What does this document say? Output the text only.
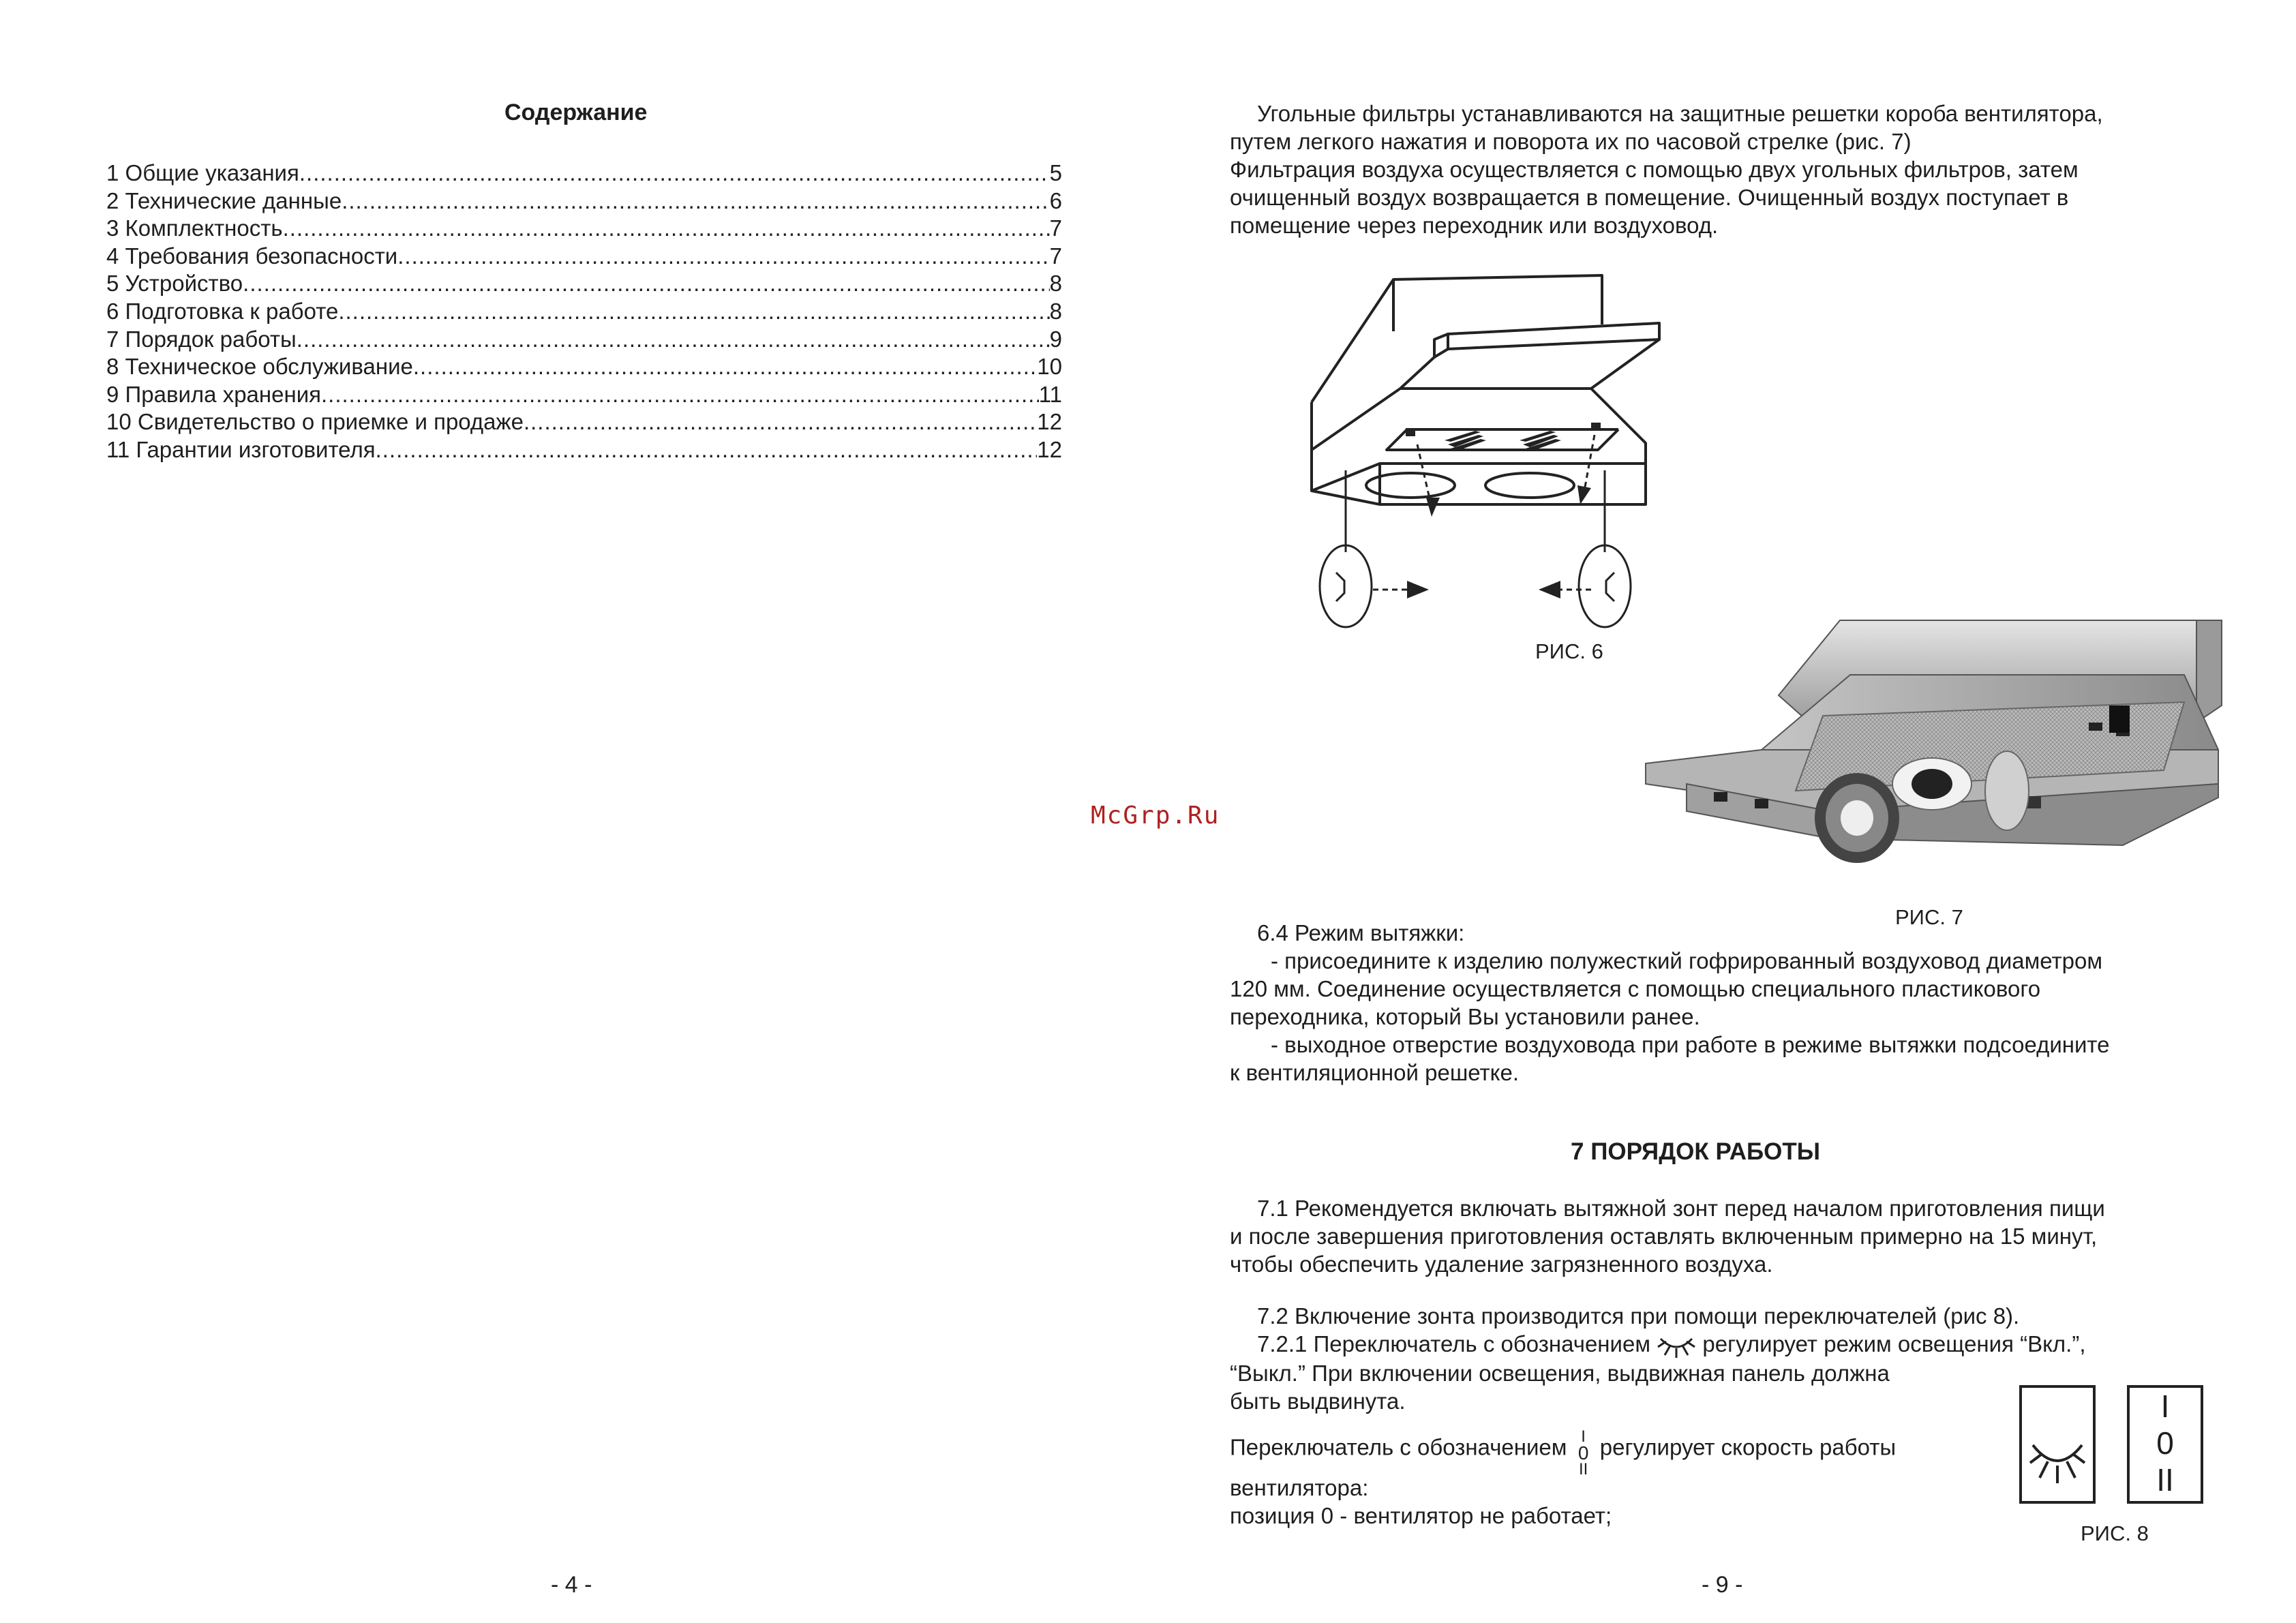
Содержание
1 Общие указания .....	5
2 Технические данные .....	6
3 Комплектность .....	7
4 Требования безопасности .....	7
5 Устройство .....	8
6 Подготовка к работе .....	8
7 Порядок работы .....	9
8 Техническое обслуживание .....	10
9 Правила хранения .....	11
10 Свидетельство о приемке и продаже .....	12
11 Гарантии изготовителя .....	12
- 4 -
McGrp.Ru

Угольные фильтры устанавливаются на защитные решетки короба вентилятора,

путем легкого нажатия и поворота их по часовой стрелке (рис. 7)

Фильтрация воздуха осуществляется с помощью двух угольных фильтров, затем

очищенный воздух возвращается в помещение. Очищенный воздух поступает в

помещение через переходник или воздуховод.

РИС. 6
РИС. 7

6.4 Режим вытяжки:

- присоедините к изделию полужесткий гофрированный воздуховод диаметром

120 мм. Соединение осуществляется с помощью специального пластикового

переходника, который Вы установили ранее.

- выходное отверстие воздуховода при работе в режиме вытяжки подсоедините

к вентиляционной решетке.

7 ПОРЯДОК РАБОТЫ

7.1 Рекомендуется включать вытяжной зонт перед началом приготовления пищи

и после завершения приготовления оставлять включенным примерно на 15 минут,

чтобы обеспечить удаление загрязненного воздуха.

7.2 Включение зонта производится при помощи переключателей (рис 8).

7.2.1 Переключатель с обозначением регулирует режим освещения “Вкл.”,

“Выкл.” При включении освещения, выдвижная панель должна

быть выдвинута.

Переключатель с обозначением I
0
II
регулирует скорость работы

вентилятора:

позиция 0 - вентилятор не работает;

I
0
II
РИС. 8
- 9 -
